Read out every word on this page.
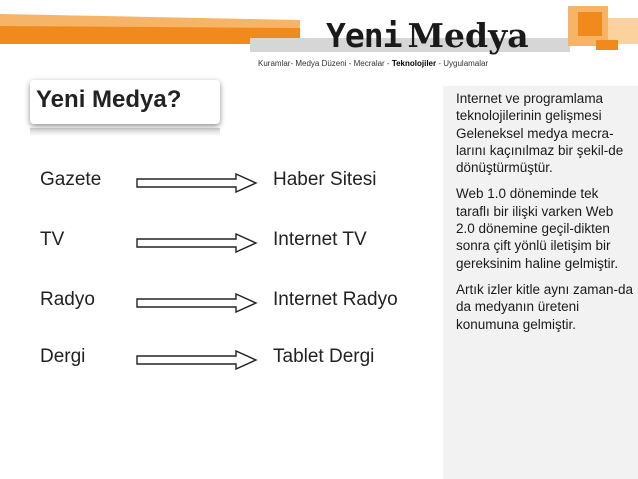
Yeni Medya
Kuramlar- Medya Düzeni - Mecralar - Teknolojiler - Uygulamalar
Yeni Medya?	Internet ve programlama teknolojilerinin gelişmesi Geleneksel medya mecra-larını kaçınılmaz bir şekil-de dönüştürmüştür.

Web 1.0 döneminde tek taraflı bir ilişki varken Web 2.0 dönemine geçil-dikten sonra çift yönlü iletişim bir gereksinim haline gelmiştir.

Artık izler kitle aynı zaman-da da medyanın üreteni konumuna gelmiştir.

Gazete	Haber Sitesi
TV	Internet TV
Radyo	Internet Radyo
Dergi	Tablet Dergi
